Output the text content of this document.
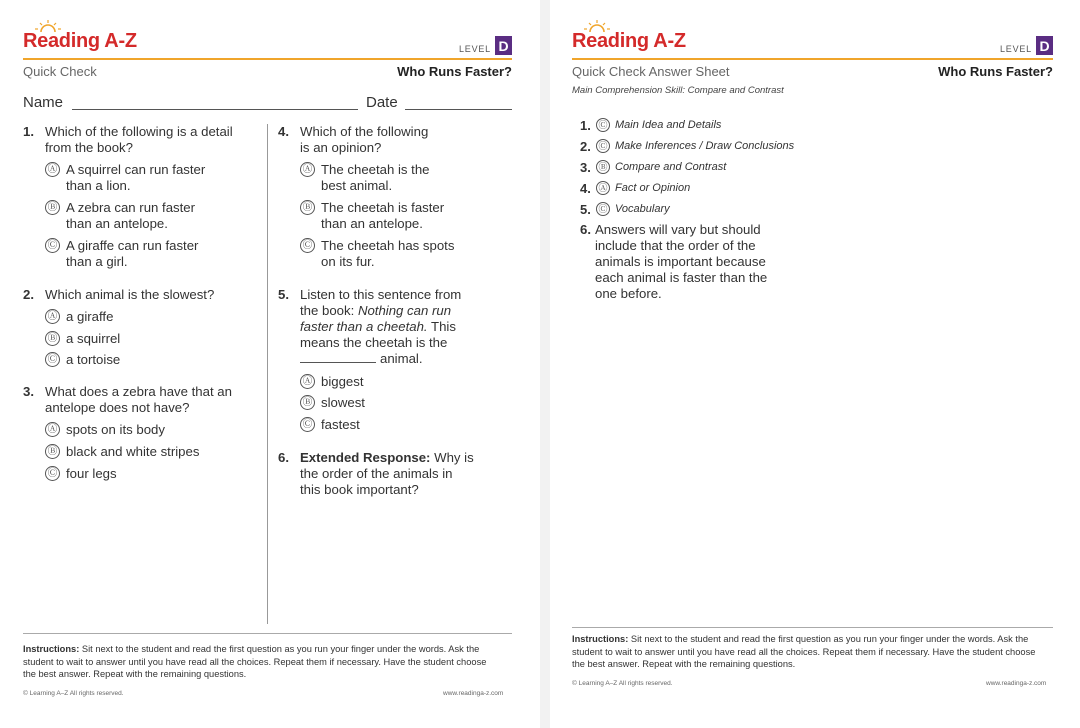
Reading A-Z	LEVEL D
Quick Check	Who Runs Faster?
Name	Date
1. Which of the following is a detail
from the book?
Ⓐ A squirrel can run faster
than a lion.
Ⓑ A zebra can run faster
than an antelope.
Ⓒ A giraffe can run faster
than a girl.
2. Which animal is the slowest?
Ⓐ a giraffe
Ⓑ a squirrel
Ⓒ a tortoise
3. What does a zebra have that an
antelope does not have?
Ⓐ spots on its body
Ⓑ black and white stripes
Ⓒ four legs
4. Which of the following
is an opinion?
Ⓐ The cheetah is the
best animal.
Ⓑ The cheetah is faster
than an antelope.
Ⓒ The cheetah has spots
on its fur.
5. Listen to this sentence from
the book: Nothing can run
faster than a cheetah. This
means the cheetah is the
animal.
Ⓐ biggest
Ⓑ slowest
Ⓒ fastest
6. Extended Response: Why is
the order of the animals in
this book important?
Instructions: Sit next to the student and read the first question as you run your finger under the words. Ask the student to wait to answer until you have read all the choices. Repeat them if necessary. Have the student choose the best answer. Repeat with the remaining questions.
© Learning A–Z All rights reserved.	www.readinga-z.com
Reading A-Z	LEVEL D
Quick Check Answer Sheet	Who Runs Faster?
Main Comprehension Skill: Compare and Contrast
1. Ⓒ Main Idea and Details
2. Ⓒ Make Inferences / Draw Conclusions
3. Ⓑ Compare and Contrast
4. Ⓐ Fact or Opinion
5. Ⓒ Vocabulary
6. Answers will vary but should
include that the order of the
animals is important because
each animal is faster than the
one before.
Instructions: Sit next to the student and read the first question as you run your finger under the words. Ask the student to wait to answer until you have read all the choices. Repeat them if necessary. Have the student choose the best answer. Repeat with the remaining questions.
© Learning A–Z All rights reserved.	www.readinga-z.com
